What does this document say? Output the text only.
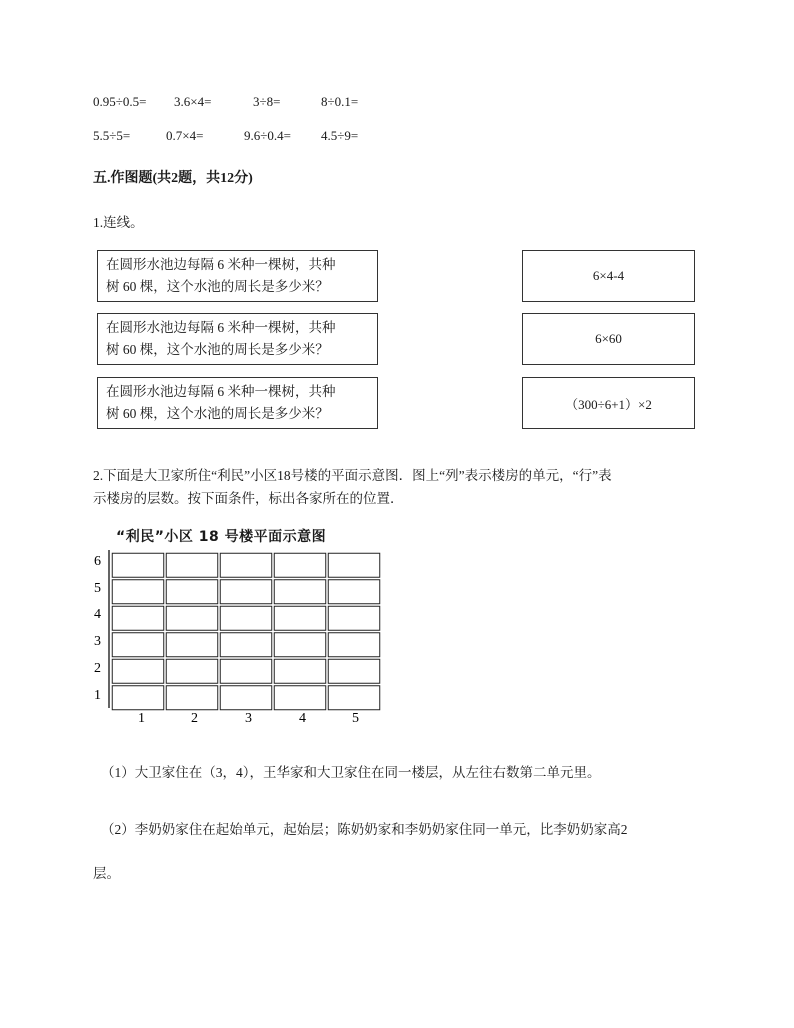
0.95÷0.5= 3.6×4=	3÷8=	8÷0.1=
5.5÷5=	0.7×4=	9.6÷0.4= 4.5÷9=
五.作图题(共2题，共12分)
1.连线。
在圆形水池边每隔 6 米种一棵树，共种
树 60 棵，这个水池的周长是多少米？
在圆形水池边每隔 6 米种一棵树，共种
树 60 棵，这个水池的周长是多少米？
在圆形水池边每隔 6 米种一棵树，共种
树 60 棵，这个水池的周长是多少米？
6×4-4
6×60
（300÷6+1）×2
2.下面是大卫家所住“利民”小区18号楼的平面示意图．图上“列”表示楼房的单元，“行”表
示楼房的层数。按下面条件，标出各家所在的位置．
“利民”小区 18 号楼平面示意图
6
5
4
3
2
1
1	2	3	4	5
（1）大卫家住在（3，4），王华家和大卫家住在同一楼层，从左往右数第二单元里。
（2）李奶奶家住在起始单元，起始层；陈奶奶家和李奶奶家住同一单元，比李奶奶家高2
层。
